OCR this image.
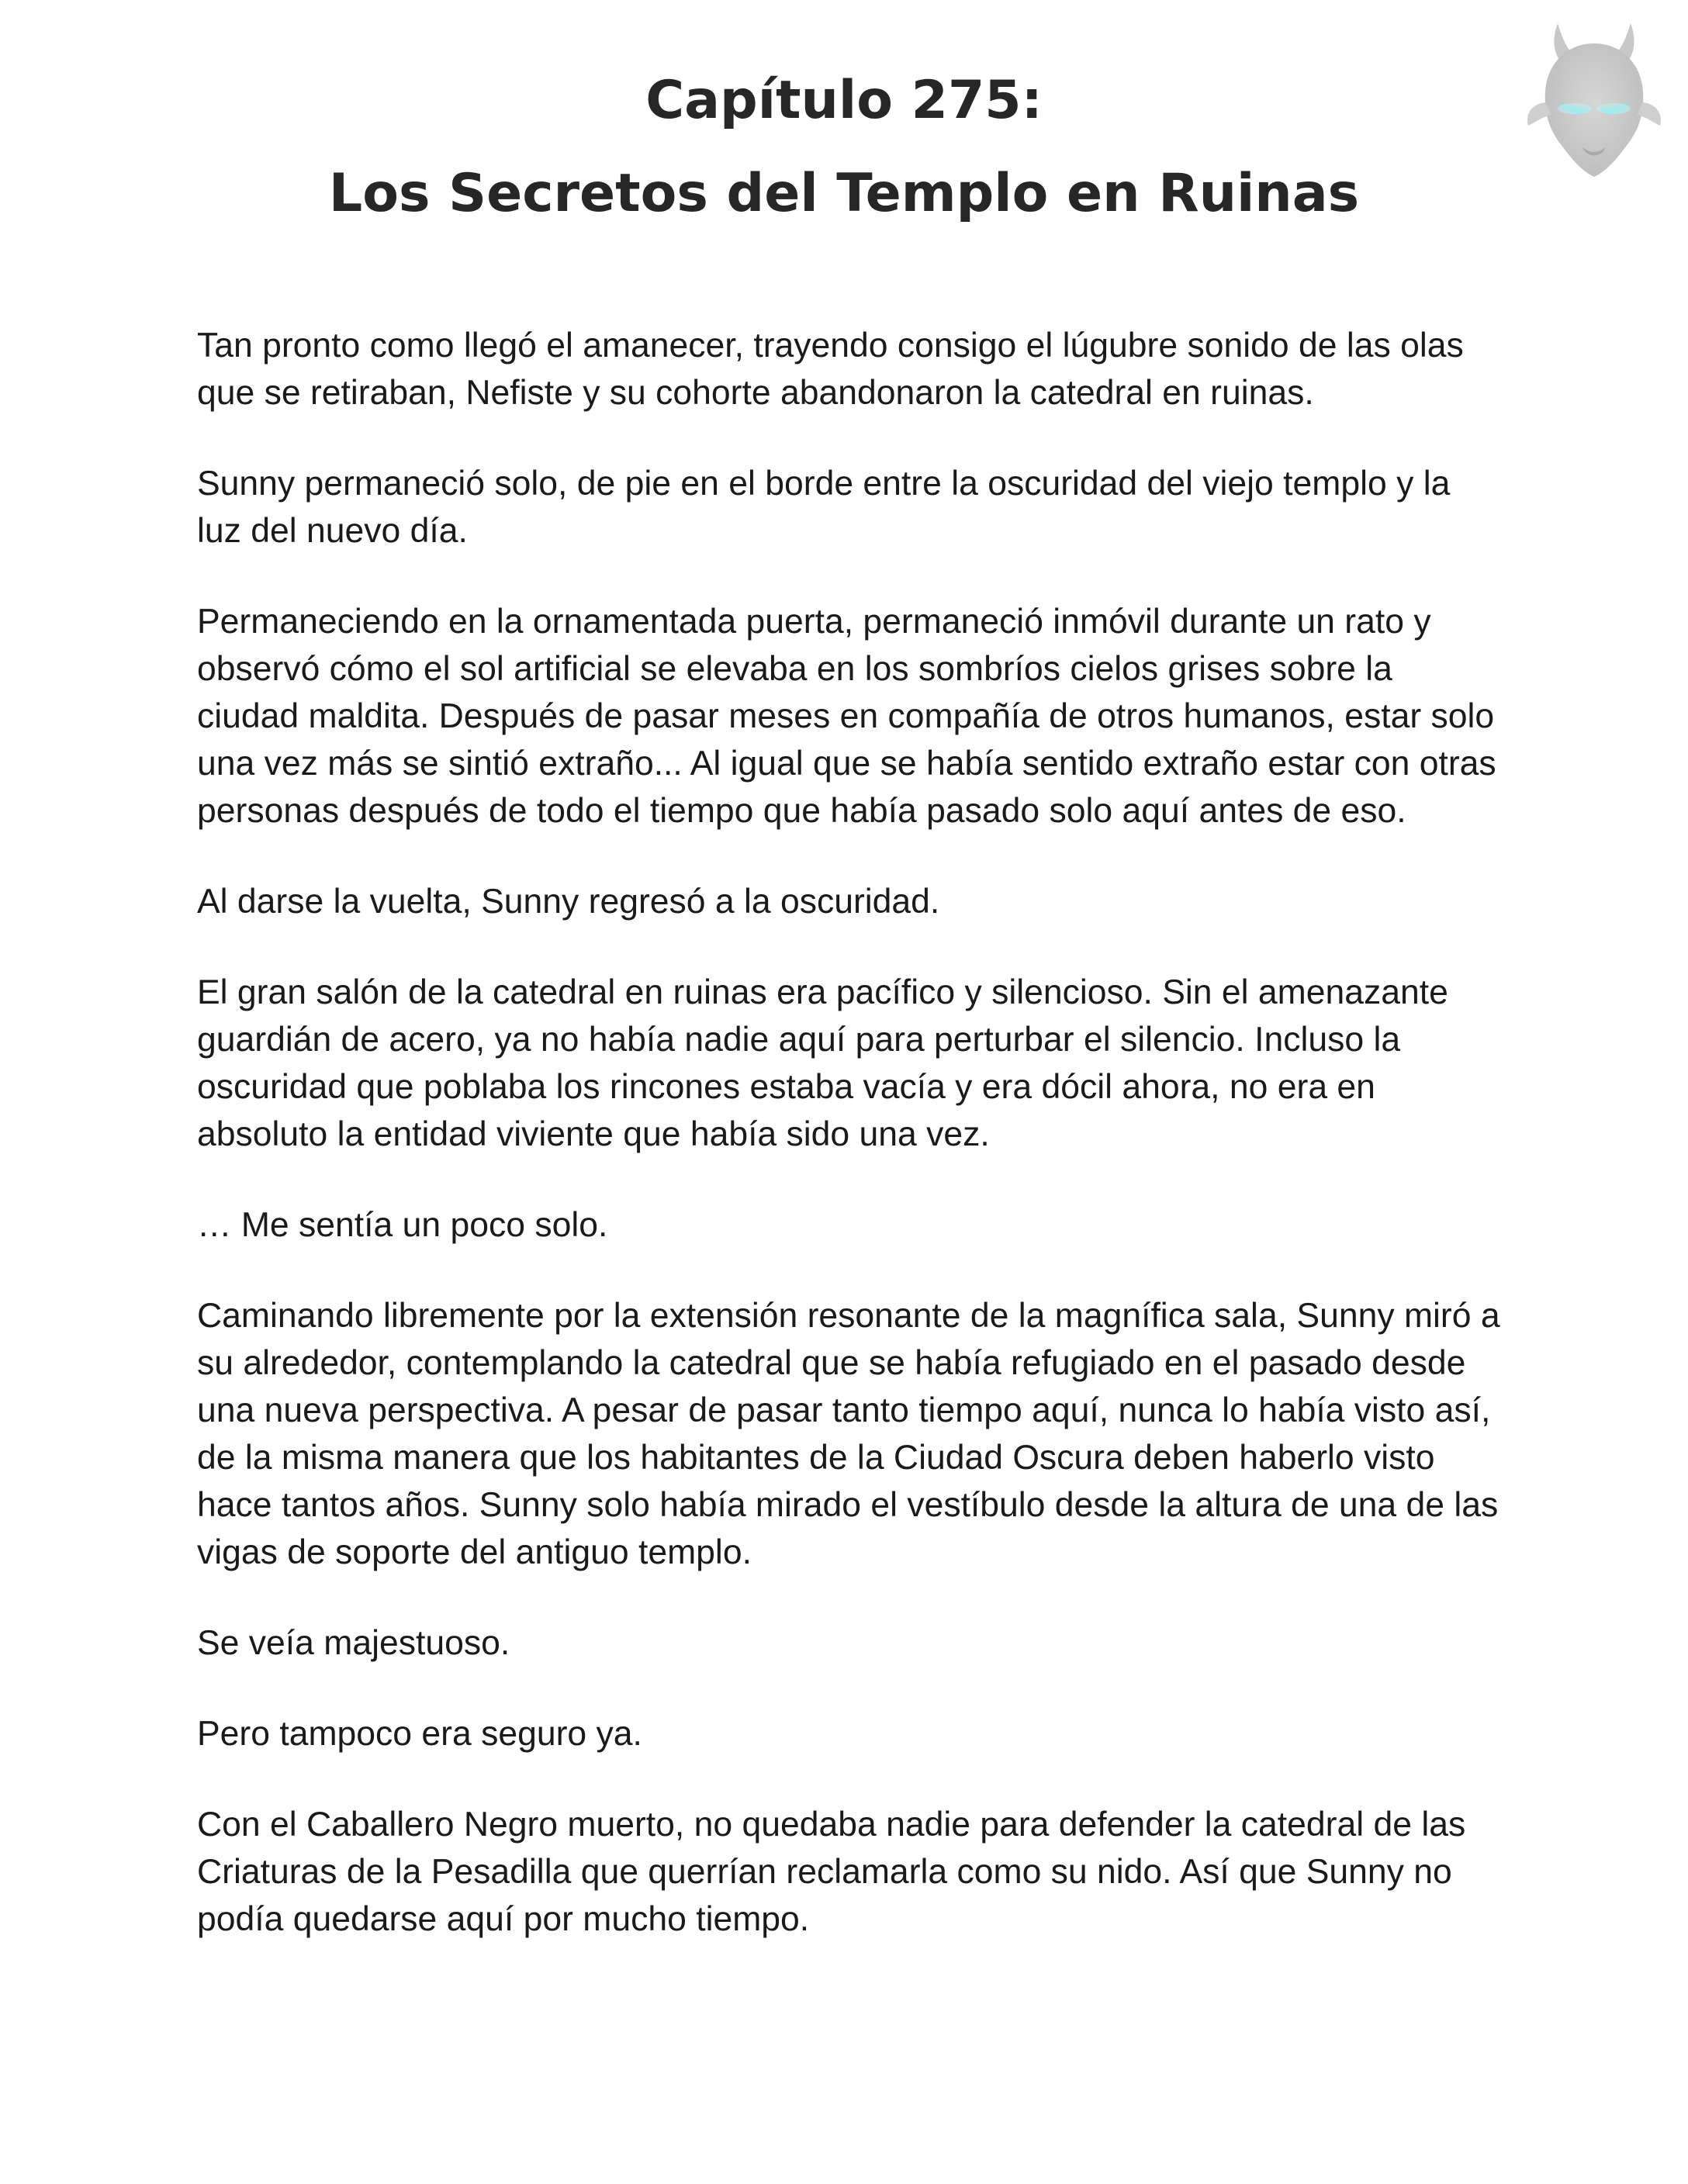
Capítulo 275:
Los Secretos del Templo en Ruinas

Tan pronto como llegó el amanecer, trayendo consigo el lúgubre sonido de las olas que se retiraban, Nefiste y su cohorte abandonaron la catedral en ruinas.

Sunny permaneció solo, de pie en el borde entre la oscuridad del viejo templo y la luz del nuevo día.

Permaneciendo en la ornamentada puerta, permaneció inmóvil durante un rato y observó cómo el sol artificial se elevaba en los sombríos cielos grises sobre la ciudad maldita. Después de pasar meses en compañía de otros humanos, estar solo una vez más se sintió extraño... Al igual que se había sentido extraño estar con otras personas después de todo el tiempo que había pasado solo aquí antes de eso.

Al darse la vuelta, Sunny regresó a la oscuridad.

El gran salón de la catedral en ruinas era pacífico y silencioso. Sin el amenazante guardián de acero, ya no había nadie aquí para perturbar el silencio. Incluso la oscuridad que poblaba los rincones estaba vacía y era dócil ahora, no era en absoluto la entidad viviente que había sido una vez.

… Me sentía un poco solo.

Caminando libremente por la extensión resonante de la magnífica sala, Sunny miró a su alrededor, contemplando la catedral que se había refugiado en el pasado desde una nueva perspectiva. A pesar de pasar tanto tiempo aquí, nunca lo había visto así, de la misma manera que los habitantes de la Ciudad Oscura deben haberlo visto hace tantos años. Sunny solo había mirado el vestíbulo desde la altura de una de las vigas de soporte del antiguo templo.

Se veía majestuoso.

Pero tampoco era seguro ya.

Con el Caballero Negro muerto, no quedaba nadie para defender la catedral de las Criaturas de la Pesadilla que querrían reclamarla como su nido. Así que Sunny no podía quedarse aquí por mucho tiempo.
